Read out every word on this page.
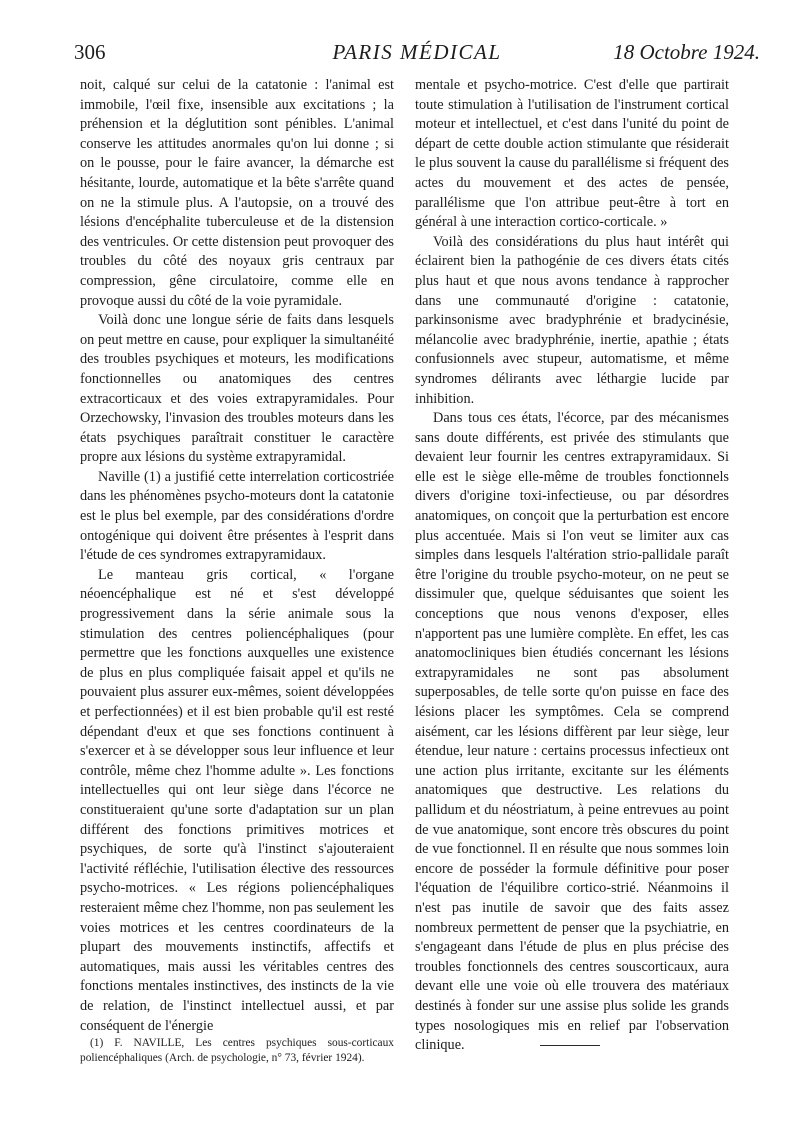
306	PARIS MÉDICAL	18 Octobre 1924.

noit, calqué sur celui de la catatonie : l'animal est immobile, l'œil fixe, insensible aux excitations ; la préhension et la déglutition sont pénibles. L'animal conserve les attitudes anormales qu'on lui donne ; si on le pousse, pour le faire avancer, la démarche est hésitante, lourde, automatique et la bête s'arrête quand on ne la stimule plus. A l'autopsie, on a trouvé des lésions d'encéphalite tuberculeuse et de la distension des ventricules. Or cette distension peut provoquer des troubles du côté des noyaux gris centraux par compression, gêne circulatoire, comme elle en provoque aussi du côté de la voie pyramidale.

Voilà donc une longue série de faits dans lesquels on peut mettre en cause, pour expliquer la simultanéité des troubles psychiques et moteurs, les modifications fonctionnelles ou anatomiques des centres extracorticaux et des voies extrapyramidales. Pour Orzechowsky, l'invasion des troubles moteurs dans les états psychiques paraîtrait constituer le caractère propre aux lésions du système extrapyramidal.

Naville (1) a justifié cette interrelation corticostriée dans les phénomènes psycho-moteurs dont la catatonie est le plus bel exemple, par des considérations d'ordre ontogénique qui doivent être présentes à l'esprit dans l'étude de ces syndromes extrapyramidaux.

Le manteau gris cortical, « l'organe néoencéphalique est né et s'est développé progressivement dans la série animale sous la stimulation des centres poliencéphaliques (pour permettre que les fonctions auxquelles une existence de plus en plus compliquée faisait appel et qu'ils ne pouvaient plus assurer eux-mêmes, soient développées et perfectionnées) et il est bien probable qu'il est resté dépendant d'eux et que ses fonctions continuent à s'exercer et à se développer sous leur influence et leur contrôle, même chez l'homme adulte ». Les fonctions intellectuelles qui ont leur siège dans l'écorce ne constitueraient qu'une sorte d'adaptation sur un plan différent des fonctions primitives motrices et psychiques, de sorte qu'à l'instinct s'ajouteraient l'activité réfléchie, l'utilisation élective des ressources psycho-motrices. « Les régions poliencéphaliques resteraient même chez l'homme, non pas seulement les voies motrices et les centres coordinateurs de la plupart des mouvements instinctifs, affectifs et automatiques, mais aussi les véritables centres des fonctions mentales instinctives, des instincts de la vie de relation, de l'instinct intellectuel aussi, et par conséquent de l'énergie

mentale et psycho-motrice. C'est d'elle que partirait toute stimulation à l'utilisation de l'instrument cortical moteur et intellectuel, et c'est dans l'unité du point de départ de cette double action stimulante que résiderait le plus souvent la cause du parallélisme si fréquent des actes du mouvement et des actes de pensée, parallélisme que l'on attribue peut-être à tort en général à une interaction cortico-corticale. »

Voilà des considérations du plus haut intérêt qui éclairent bien la pathogénie de ces divers états cités plus haut et que nous avons tendance à rapprocher dans une communauté d'origine : catatonie, parkinsonisme avec bradyphrénie et bradycinésie, mélancolie avec bradyphrénie, inertie, apathie ; états confusionnels avec stupeur, automatisme, et même syndromes délirants avec léthargie lucide par inhibition.

Dans tous ces états, l'écorce, par des mécanismes sans doute différents, est privée des stimulants que devaient leur fournir les centres extrapyramidaux. Si elle est le siège elle-même de troubles fonctionnels divers d'origine toxi-infectieuse, ou par désordres anatomiques, on conçoit que la perturbation est encore plus accentuée. Mais si l'on veut se limiter aux cas simples dans lesquels l'altération strio-pallidale paraît être l'origine du trouble psycho-moteur, on ne peut se dissimuler que, quelque séduisantes que soient les conceptions que nous venons d'exposer, elles n'apportent pas une lumière complète. En effet, les cas anatomocliniques bien étudiés concernant les lésions extrapyramidales ne sont pas absolument superposables, de telle sorte qu'on puisse en face des lésions placer les symptômes. Cela se comprend aisément, car les lésions diffèrent par leur siège, leur étendue, leur nature : certains processus infectieux ont une action plus irritante, excitante sur les éléments anatomiques que destructive. Les relations du pallidum et du néostriatum, à peine entrevues au point de vue anatomique, sont encore très obscures du point de vue fonctionnel. Il en résulte que nous sommes loin encore de posséder la formule définitive pour poser l'équation de l'équilibre cortico-strié. Néanmoins il n'est pas inutile de savoir que des faits assez nombreux permettent de penser que la psychiatrie, en s'engageant dans l'étude de plus en plus précise des troubles fonctionnels des centres souscorticaux, aura devant elle une voie où elle trouvera des matériaux destinés à fonder sur une assise plus solide les grands types nosologiques mis en relief par l'observation clinique.

(1) F. NAVILLE, Les centres psychiques sous-corticaux poliencéphaliques (Arch. de psychologie, n° 73, février 1924).
